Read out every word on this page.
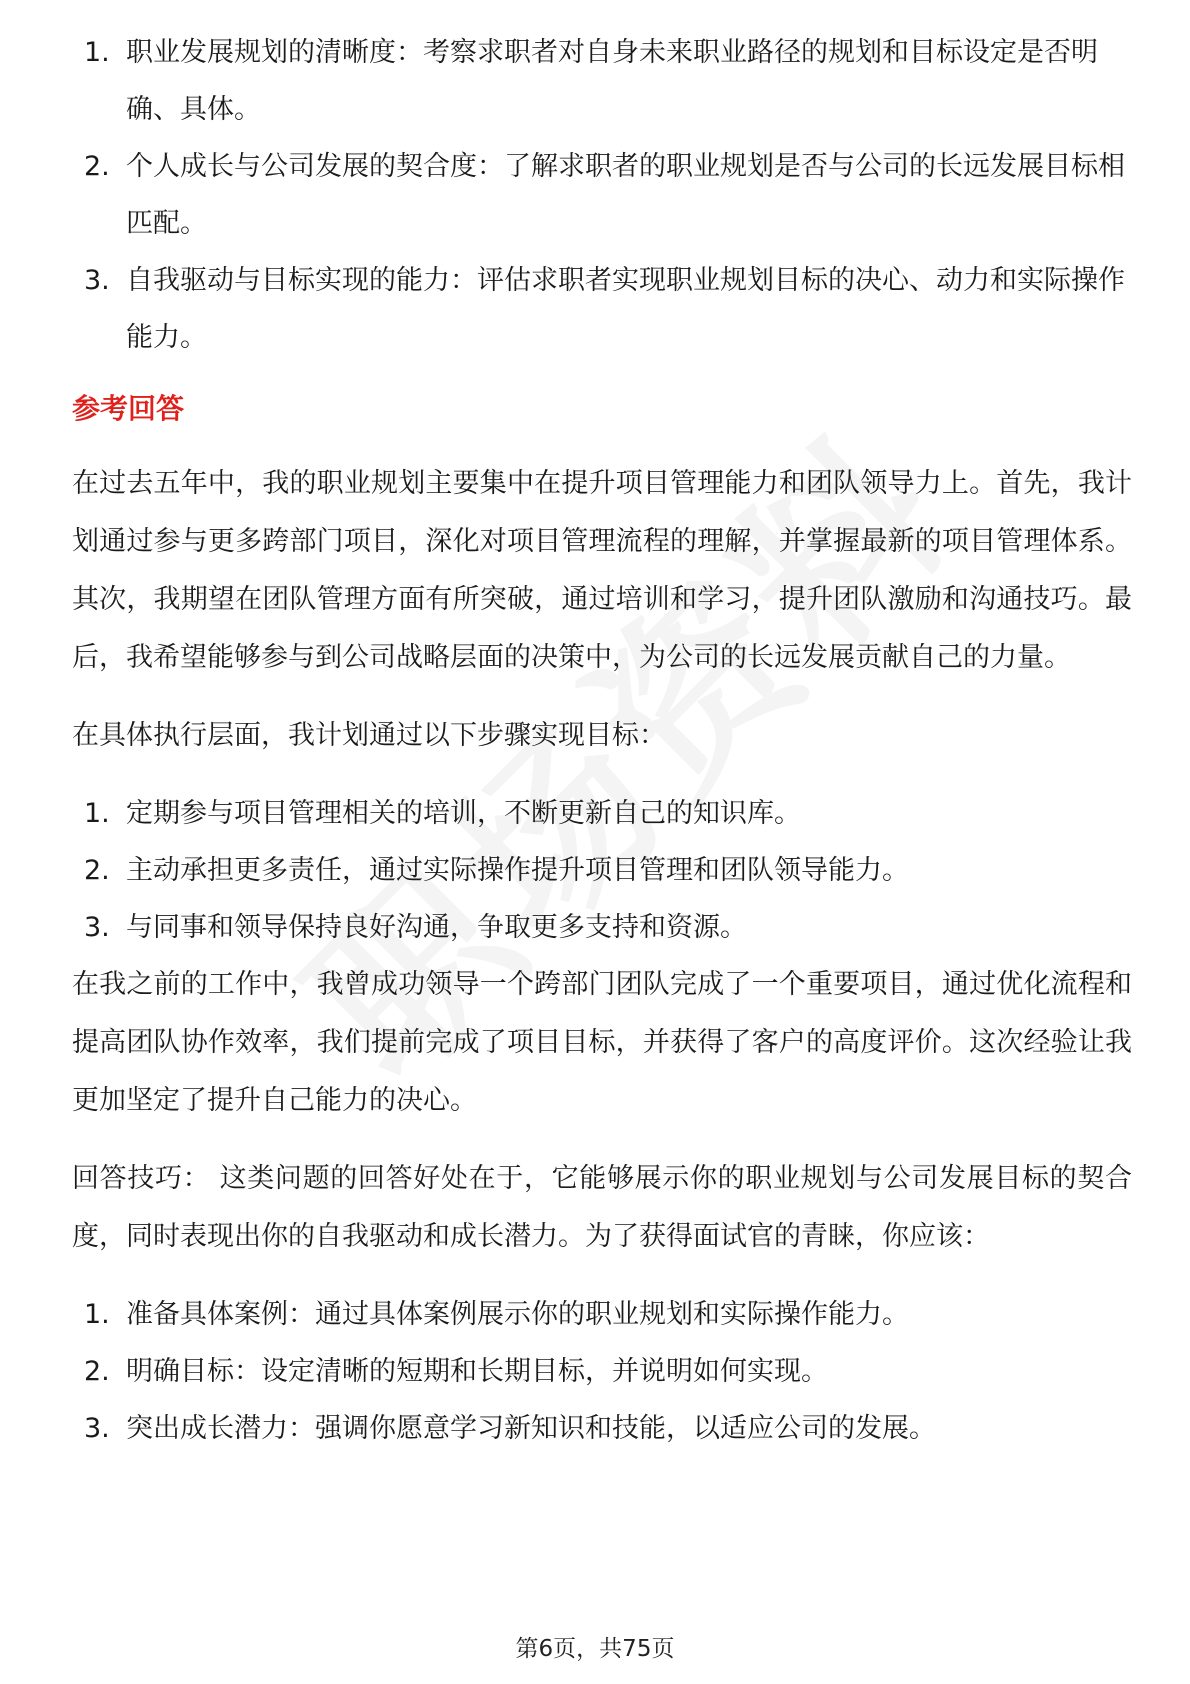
1. 职业发展规划的清晰度：考察求职者对自身未来职业路径的规划和目标设定是否明确、具体。
2. 个人成长与公司发展的契合度：了解求职者的职业规划是否与公司的长远发展目标相匹配。
3. 自我驱动与目标实现的能力：评估求职者实现职业规划目标的决心、动力和实际操作能力。
参考回答

在过去五年中，我的职业规划主要集中在提升项目管理能力和团队领导力上。首先，我计划通过参与更多跨部门项目，深化对项目管理流程的理解，并掌握最新的项目管理体系。其次，我期望在团队管理方面有所突破，通过培训和学习，提升团队激励和沟通技巧。最后，我希望能够参与到公司战略层面的决策中，为公司的长远发展贡献自己的力量。

在具体执行层面，我计划通过以下步骤实现目标：

1. 定期参与项目管理相关的培训，不断更新自己的知识库。
2. 主动承担更多责任，通过实际操作提升项目管理和团队领导能力。
3. 与同事和领导保持良好沟通，争取更多支持和资源。

在我之前的工作中，我曾成功领导一个跨部门团队完成了一个重要项目，通过优化流程和提高团队协作效率，我们提前完成了项目目标，并获得了客户的高度评价。这次经验让我更加坚定了提升自己能力的决心。

回答技巧： 这类问题的回答好处在于，它能够展示你的职业规划与公司发展目标的契合度，同时表现出你的自我驱动和成长潜力。为了获得面试官的青睐，你应该：

1. 准备具体案例：通过具体案例展示你的职业规划和实际操作能力。
2. 明确目标：设定清晰的短期和长期目标，并说明如何实现。
3. 突出成长潜力：强调你愿意学习新知识和技能，以适应公司的发展。
第6页，共75页
